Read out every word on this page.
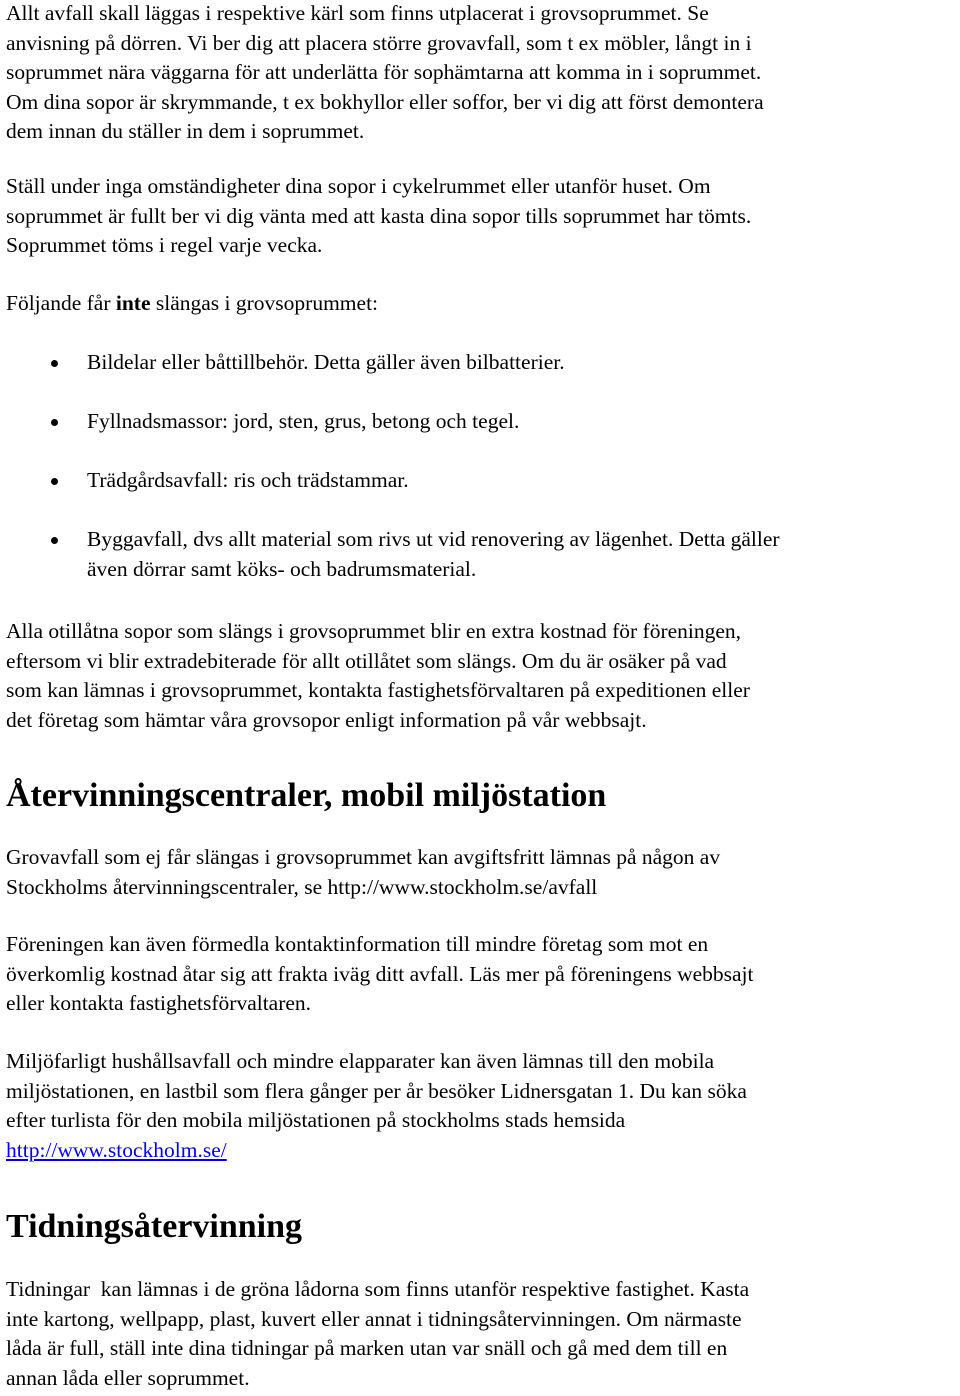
Allt avfall skall läggas i respektive kärl som finns utplacerat i grovsoprummet. Se
anvisning på dörren. Vi ber dig att placera större grovavfall, som t ex möbler, långt in i
soprummet nära väggarna för att underlätta för sophämtarna att komma in i soprummet.
Om dina sopor är skrymmande, t ex bokhyllor eller soffor, ber vi dig att först demontera
dem innan du ställer in dem i soprummet.

Ställ under inga omständigheter dina sopor i cykelrummet eller utanför huset. Om
soprummet är fullt ber vi dig vänta med att kasta dina sopor tills soprummet har tömts.
Soprummet töms i regel varje vecka.

Följande får inte slängas i grovsoprummet:

Bildelar eller båttillbehör. Detta gäller även bilbatterier.
Fyllnadsmassor: jord, sten, grus, betong och tegel.
Trädgårdsavfall: ris och trädstammar.
Byggavfall, dvs allt material som rivs ut vid renovering av lägenhet. Detta gäller
även dörrar samt köks- och badrumsmaterial.

Alla otillåtna sopor som slängs i grovsoprummet blir en extra kostnad för föreningen,
eftersom vi blir extradebiterade för allt otillåtet som slängs. Om du är osäker på vad
som kan lämnas i grovsoprummet, kontakta fastighetsförvaltaren på expeditionen eller
det företag som hämtar våra grovsopor enligt information på vår webbsajt.

Återvinningscentraler, mobil miljöstation

Grovavfall som ej får slängas i grovsoprummet kan avgiftsfritt lämnas på någon av
Stockholms återvinningscentraler, se http://www.stockholm.se/avfall

Föreningen kan även förmedla kontaktinformation till mindre företag som mot en
överkomlig kostnad åtar sig att frakta iväg ditt avfall. Läs mer på föreningens webbsajt
eller kontakta fastighetsförvaltaren.

Miljöfarligt hushållsavfall och mindre elapparater kan även lämnas till den mobila
miljöstationen, en lastbil som flera gånger per år besöker Lidnersgatan 1. Du kan söka
efter turlista för den mobila miljöstationen på stockholms stads hemsida
http://www.stockholm.se/

Tidningsåtervinning

Tidningar  kan lämnas i de gröna lådorna som finns utanför respektive fastighet. Kasta
inte kartong, wellpapp, plast, kuvert eller annat i tidningsåtervinningen. Om närmaste
låda är full, ställ inte dina tidningar på marken utan var snäll och gå med dem till en
annan låda eller soprummet.
